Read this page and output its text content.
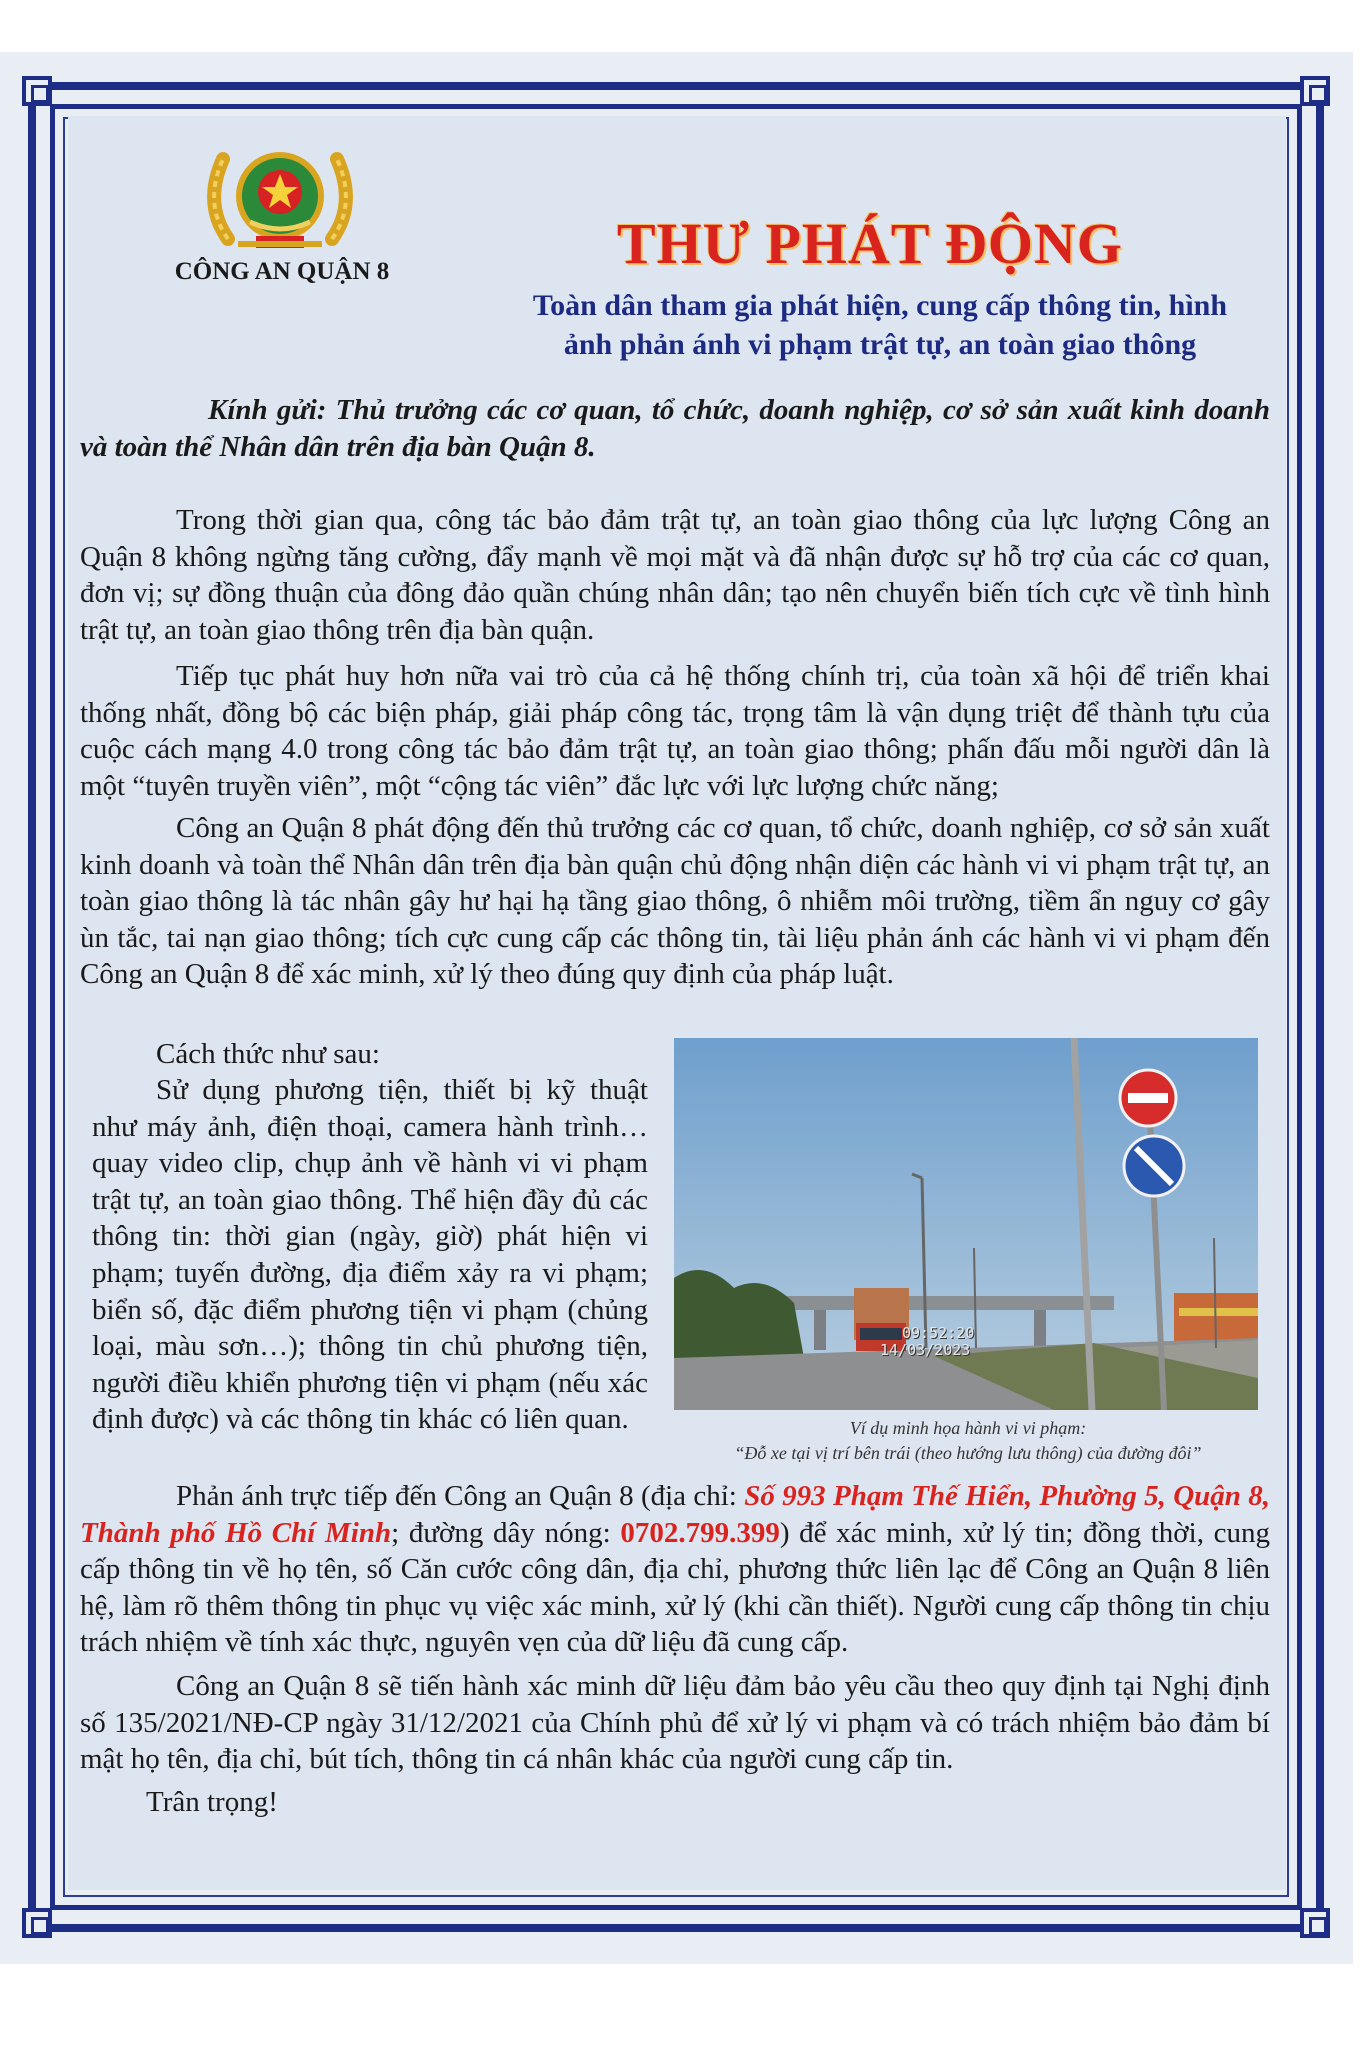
CÔNG AN QUẬN 8	THƯ PHÁT ĐỘNG
Toàn dân tham gia phát hiện, cung cấp thông tin, hình
ảnh phản ánh vi phạm trật tự, an toàn giao thông
Kính gửi: Thủ trưởng các cơ quan, tổ chức, doanh nghiệp, cơ sở sản xuất kinh doanh và toàn thể Nhân dân trên địa bàn Quận 8.
Trong thời gian qua, công tác bảo đảm trật tự, an toàn giao thông của lực lượng Công an Quận 8 không ngừng tăng cường, đẩy mạnh về mọi mặt và đã nhận được sự hỗ trợ của các cơ quan, đơn vị; sự đồng thuận của đông đảo quần chúng nhân dân; tạo nên chuyển biến tích cực về tình hình trật tự, an toàn giao thông trên địa bàn quận.
Tiếp tục phát huy hơn nữa vai trò của cả hệ thống chính trị, của toàn xã hội để triển khai thống nhất, đồng bộ các biện pháp, giải pháp công tác, trọng tâm là vận dụng triệt để thành tựu của cuộc cách mạng 4.0 trong công tác bảo đảm trật tự, an toàn giao thông; phấn đấu mỗi người dân là một “tuyên truyền viên”, một “cộng tác viên” đắc lực với lực lượng chức năng;
Công an Quận 8 phát động đến thủ trưởng các cơ quan, tổ chức, doanh nghiệp, cơ sở sản xuất kinh doanh và toàn thể Nhân dân trên địa bàn quận chủ động nhận diện các hành vi vi phạm trật tự, an toàn giao thông là tác nhân gây hư hại hạ tầng giao thông, ô nhiễm môi trường, tiềm ẩn nguy cơ gây ùn tắc, tai nạn giao thông; tích cực cung cấp các thông tin, tài liệu phản ánh các hành vi vi phạm đến Công an Quận 8 để xác minh, xử lý theo đúng quy định của pháp luật.
Cách thức như sau:
Sử dụng phương tiện, thiết bị kỹ thuật như máy ảnh, điện thoại, camera hành trình… quay video clip, chụp ảnh về hành vi vi phạm trật tự, an toàn giao thông. Thể hiện đầy đủ các thông tin: thời gian (ngày, giờ) phát hiện vi phạm; tuyến đường, địa điểm xảy ra vi phạm; biển số, đặc điểm phương tiện vi phạm (chủng loại, màu sơn…); thông tin chủ phương tiện, người điều khiển phương tiện vi phạm (nếu xác định được) và các thông tin khác có liên quan.
09:52:20
14/03/2023
Ví dụ minh họa hành vi vi phạm:
“Đỗ xe tại vị trí bên trái (theo hướng lưu thông) của đường đôi”
Phản ánh trực tiếp đến Công an Quận 8 (địa chỉ: Số 993 Phạm Thế Hiển, Phường 5, Quận 8, Thành phố Hồ Chí Minh; đường dây nóng: 0702.799.399) để xác minh, xử lý tin; đồng thời, cung cấp thông tin về họ tên, số Căn cước công dân, địa chỉ, phương thức liên lạc để Công an Quận 8 liên hệ, làm rõ thêm thông tin phục vụ việc xác minh, xử lý (khi cần thiết). Người cung cấp thông tin chịu trách nhiệm về tính xác thực, nguyên vẹn của dữ liệu đã cung cấp.
Công an Quận 8 sẽ tiến hành xác minh dữ liệu đảm bảo yêu cầu theo quy định tại Nghị định số 135/2021/NĐ-CP ngày 31/12/2021 của Chính phủ để xử lý vi phạm và có trách nhiệm bảo đảm bí mật họ tên, địa chỉ, bút tích, thông tin cá nhân khác của người cung cấp tin.
Trân trọng!
